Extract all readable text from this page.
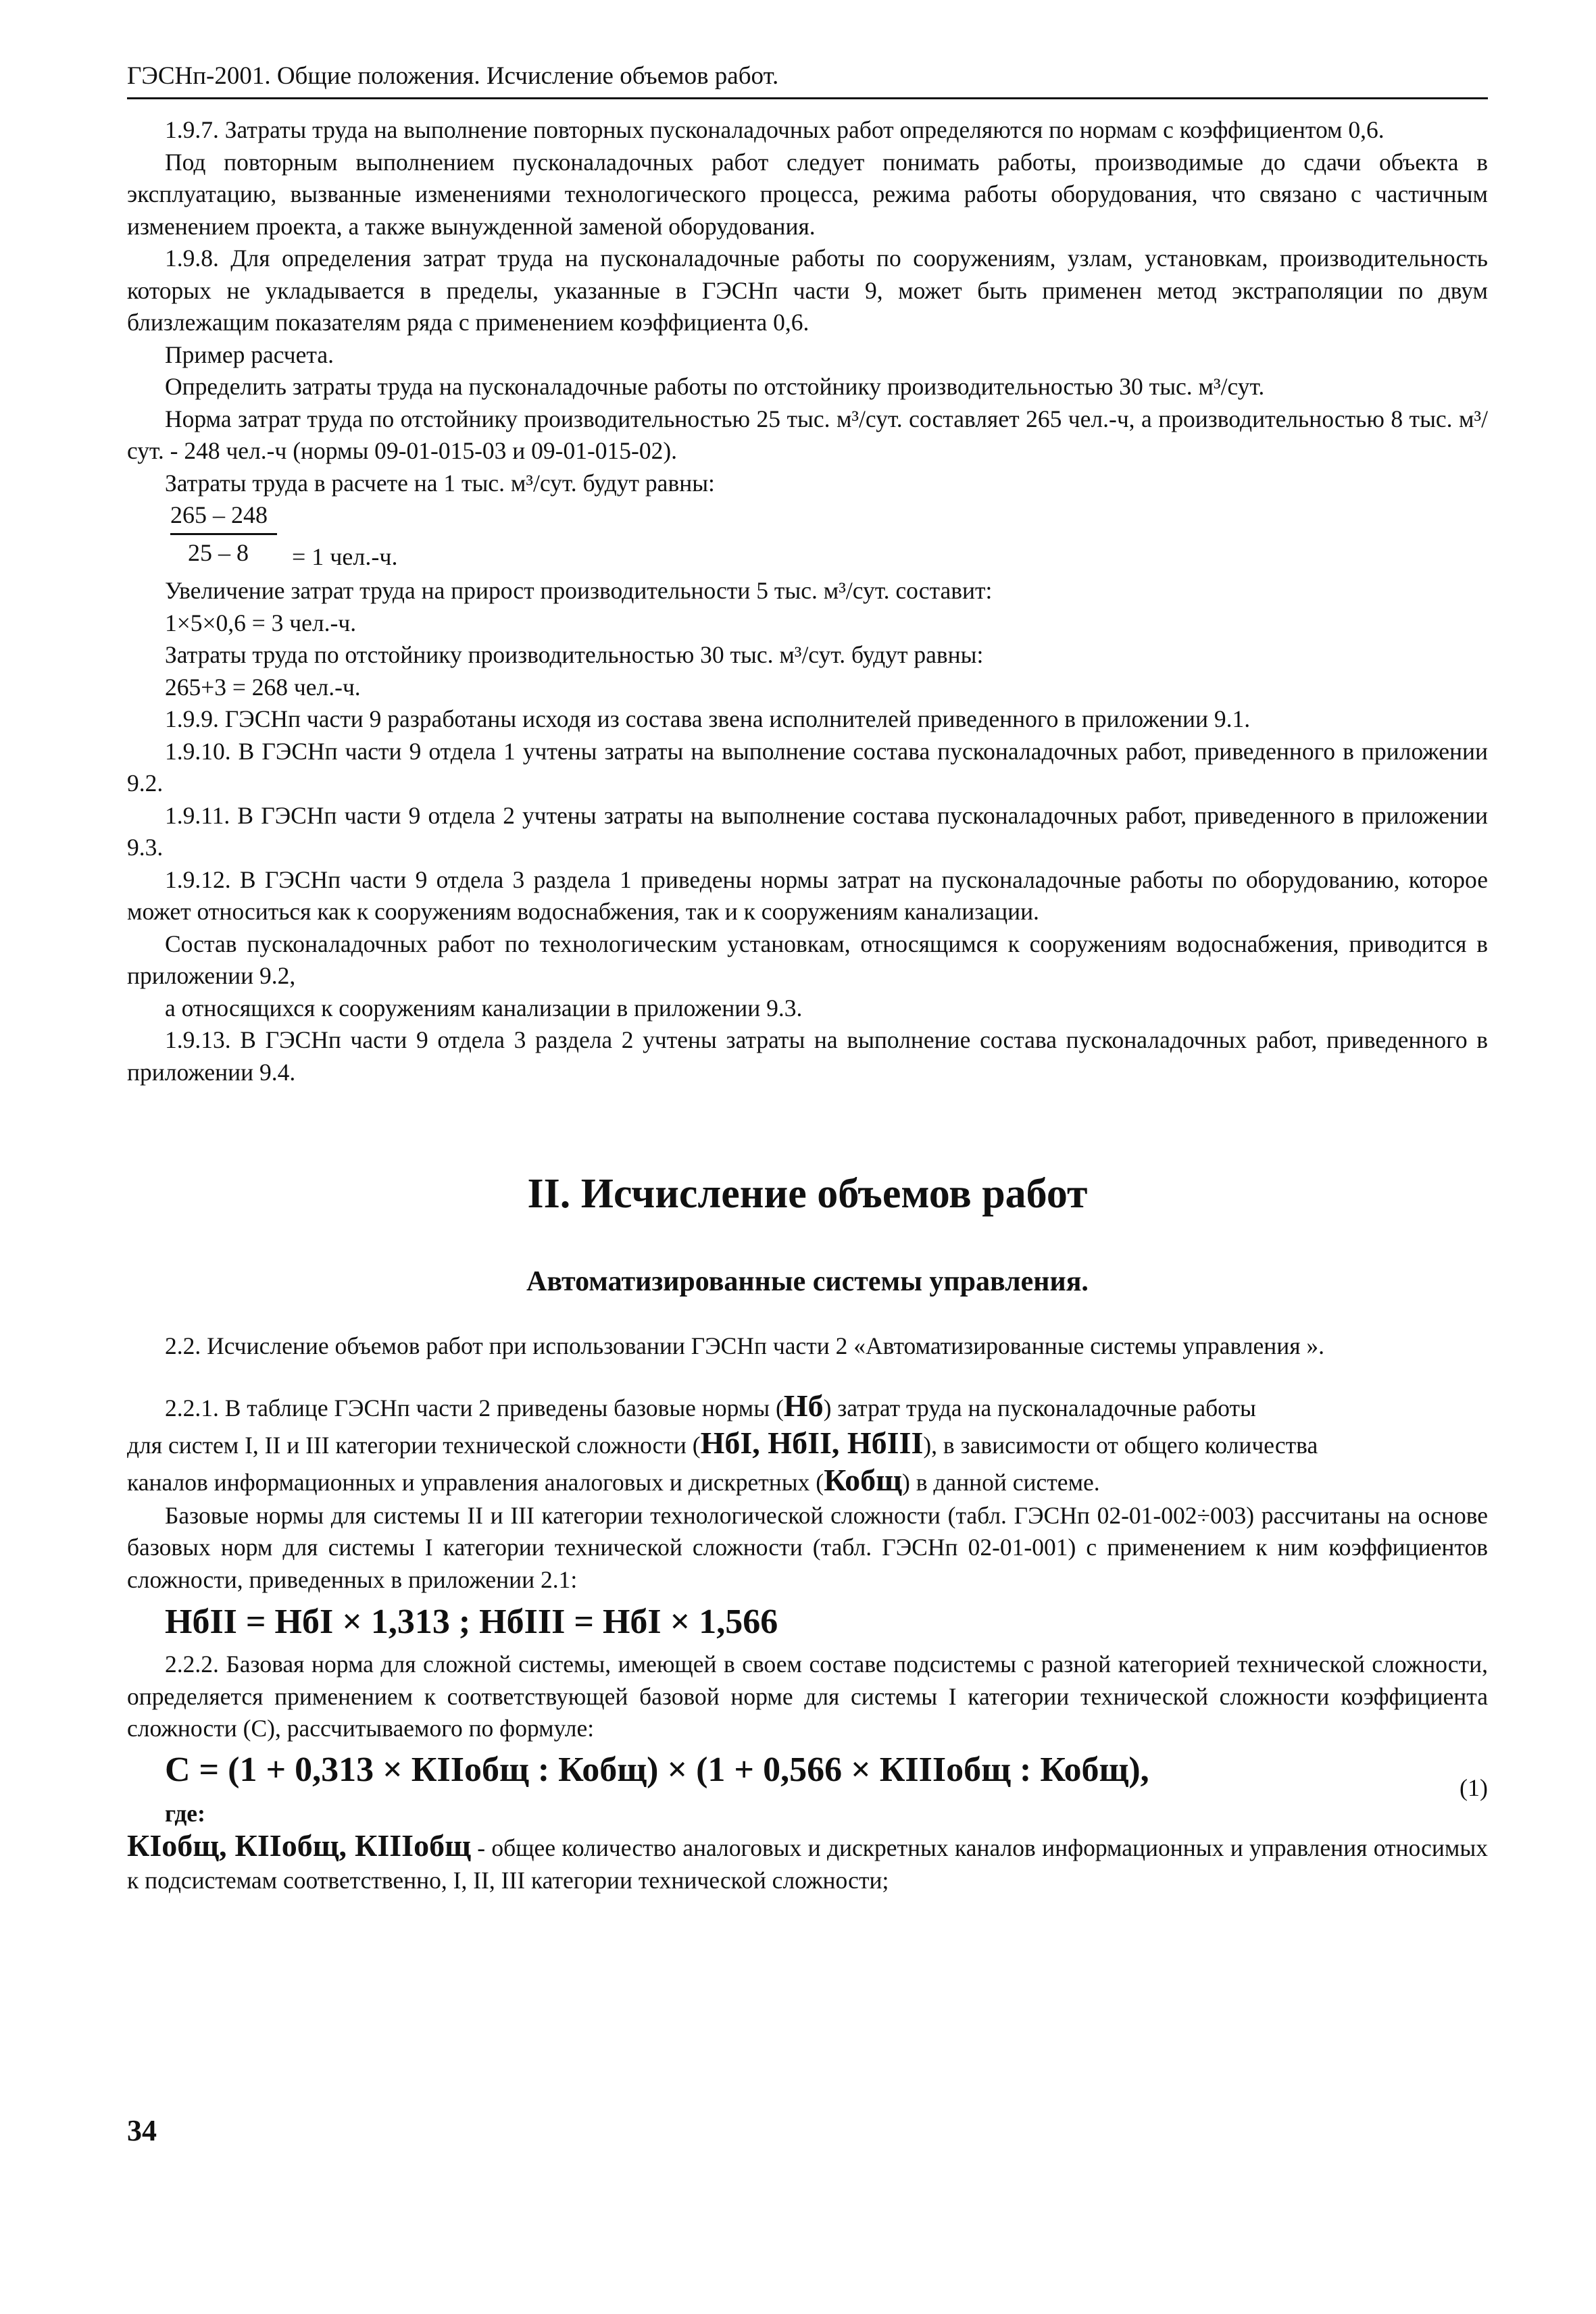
ГЭСНп-2001. Общие положения. Исчисление объемов работ.

1.9.7. Затраты труда на выполнение повторных пусконаладочных работ определяются по нормам с коэффициентом 0,6.

Под повторным выполнением пусконаладочных работ следует понимать работы, производимые до сдачи объекта в эксплуатацию, вызванные изменениями технологического процесса, режима работы оборудования, что связано с частичным изменением проекта, а также вынужденной заменой оборудования.

1.9.8. Для определения затрат труда на пусконаладочные работы по сооружениям, узлам, установкам, производительность которых не укладывается в пределы, указанные в ГЭСНп части 9, может быть применен метод экстраполяции по двум близлежащим показателям ряда с применением коэффициента 0,6.

Пример расчета.

Определить затраты труда на пусконаладочные работы по отстойнику производительностью 30 тыс. м³/сут.

Норма затрат труда по отстойнику производительностью 25 тыс. м³/сут. составляет 265 чел.-ч, а производительностью 8 тыс. м³/сут. - 248 чел.-ч (нормы 09-01-015-03 и 09-01-015-02).

Затраты труда в расчете на 1 тыс. м³/сут. будут равны:

265 – 248
25 – 8 = 1 чел.-ч.

Увеличение затрат труда на прирост производительности 5 тыс. м³/сут. составит:

1×5×0,6 = 3 чел.-ч.

Затраты труда по отстойнику производительностью 30 тыс. м³/сут. будут равны:

265+3 = 268 чел.-ч.

1.9.9. ГЭСНп части 9 разработаны исходя из состава звена исполнителей приведенного в приложении 9.1.

1.9.10. В ГЭСНп части 9 отдела 1 учтены затраты на выполнение состава пусконаладочных работ, приведенного в приложении 9.2.

1.9.11. В ГЭСНп части 9 отдела 2 учтены затраты на выполнение состава пусконаладочных работ, приведенного в приложении 9.3.

1.9.12. В ГЭСНп части 9 отдела 3 раздела 1 приведены нормы затрат на пусконаладочные работы по оборудованию, которое может относиться как к сооружениям водоснабжения, так и к сооружениям канализации.

Состав пусконаладочных работ по технологическим установкам, относящимся к сооружениям водоснабжения, приводится в приложении 9.2,

а относящихся к сооружениям канализации в приложении 9.3.

1.9.13. В ГЭСНп части 9 отдела 3 раздела 2 учтены затраты на выполнение состава пусконаладочных работ, приведенного в приложении 9.4.

II. Исчисление объемов работ
Автоматизированные системы управления.

2.2. Исчисление объемов работ при использовании ГЭСНп части 2 «Автоматизированные системы управления ».

2.2.1. В таблице ГЭСНп части 2 приведены базовые нормы (Нб) затрат труда на пусконаладочные работы

для систем I, II и III категории технической сложности (НбI, НбII, НбIII), в зависимости от общего количества

каналов информационных и управления аналоговых и дискретных (Кобщ) в данной системе.

Базовые нормы для системы II и III категории технологической сложности (табл. ГЭСНп 02-01-002÷003) рассчитаны на основе базовых норм для системы I категории технической сложности (табл. ГЭСНп 02-01-001) с применением к ним коэффициентов сложности, приведенных в приложении 2.1:

НбII = НбI × 1,313 ; НбIII = НбI × 1,566

2.2.2. Базовая норма для сложной системы, имеющей в своем составе подсистемы с разной категорией технической сложности, определяется применением к соответствующей базовой норме для системы I категории технической сложности коэффициента сложности (С), рассчитываемого по формуле:

C = (1 + 0,313 × КIIобщ : Кобщ) × (1 + 0,566 × КIIIобщ : Кобщ),	(1)
где:

КIобщ, КIIобщ, КIIIобщ - общее количество аналоговых и дискретных каналов информационных и управления относимых к подсистемам соответственно, I, II, III категории технической сложности;

34
